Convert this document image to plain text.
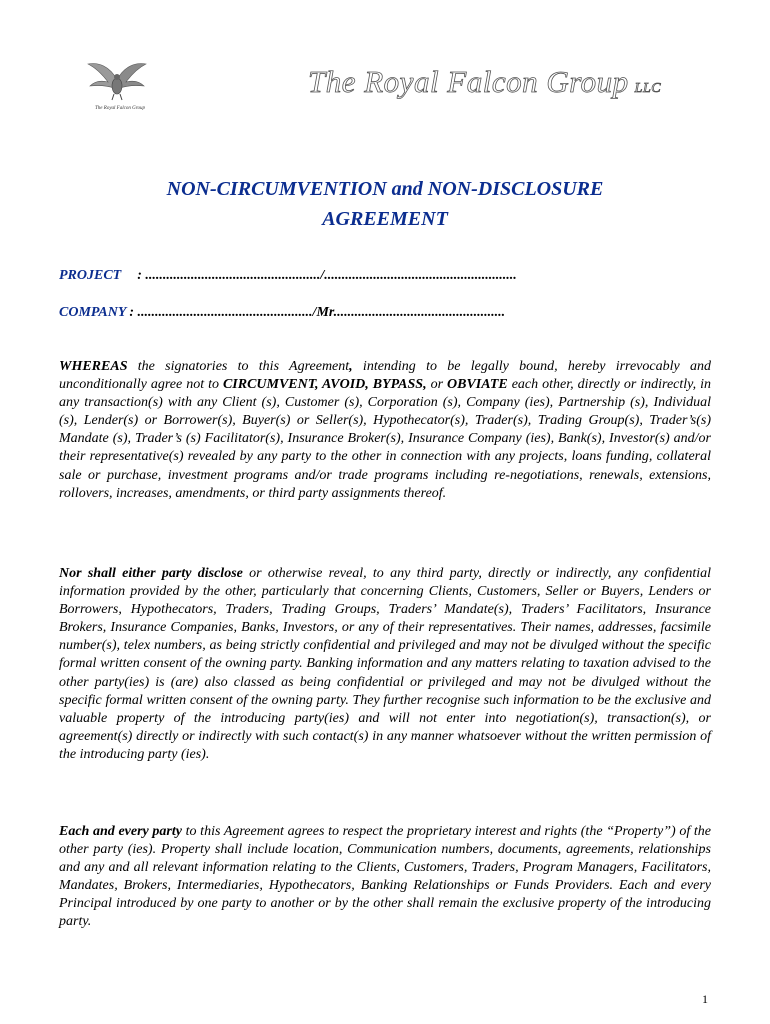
The Royal Falcon Group
The Royal Falcon Group LLC
NON-CIRCUMVENTION and NON-DISCLOSURE
AGREEMENT
PROJECT : ................................................../.......................................................
COMPANY : ................................................../Mr.................................................

WHEREAS the signatories to this Agreement, intending to be legally bound, hereby irrevocably and unconditionally agree not to CIRCUMVENT, AVOID, BYPASS, or OBVIATE each other, directly or indirectly, in any transaction(s) with any Client (s), Customer (s), Corporation (s), Company (ies), Partnership (s), Individual (s), Lender(s) or Borrower(s), Buyer(s) or Seller(s), Hypothecator(s), Trader(s), Trading Group(s), Trader’s(s) Mandate (s), Trader’s (s) Facilitator(s), Insurance Broker(s), Insurance Company (ies), Bank(s), Investor(s) and/or their representative(s) revealed by any party to the other in connection with any projects, loans funding, collateral sale or purchase, investment programs and/or trade programs including re-negotiations, renewals, extensions, rollovers, increases, amendments, or third party assignments thereof.

Nor shall either party disclose or otherwise reveal, to any third party, directly or indirectly, any confidential information provided by the other, particularly that concerning Clients, Customers, Seller or Buyers, Lenders or Borrowers, Hypothecators, Traders, Trading Groups, Traders’ Mandate(s), Traders’ Facilitators, Insurance Brokers, Insurance Companies, Banks, Investors, or any of their representatives. Their names, addresses, facsimile number(s), telex numbers, as being strictly confidential and privileged and may not be divulged without the specific formal written consent of the owning party. Banking information and any matters relating to taxation advised to the other party(ies) is (are) also classed as being confidential or privileged and may not be divulged without the specific formal written consent of the owning party. They further recognise such information to be the exclusive and valuable property of the introducing party(ies) and will not enter into negotiation(s), transaction(s), or agreement(s) directly or indirectly with such contact(s) in any manner whatsoever without the written permission of the introducing party (ies).

Each and every party to this Agreement agrees to respect the proprietary interest and rights (the “Property”) of the other party (ies). Property shall include location, Communication numbers, documents, agreements, relationships and any and all relevant information relating to the Clients, Customers, Traders, Program Managers, Facilitators, Mandates, Brokers, Intermediaries, Hypothecators, Banking Relationships or Funds Providers. Each and every Principal introduced by one party to another or by the other shall remain the exclusive property of the introducing party.

1
